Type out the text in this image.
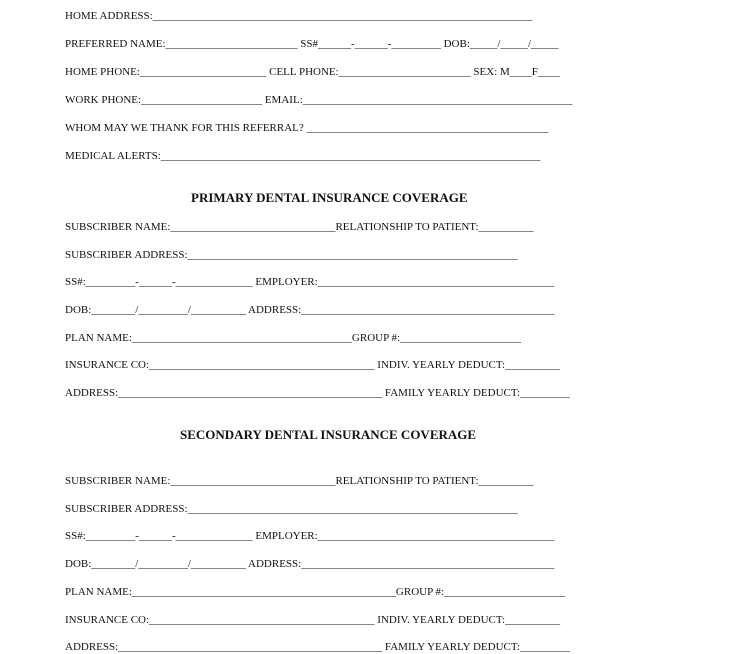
HOME ADDRESS:_____________________________________________________________________
PREFERRED NAME:________________________ SS#______-______-_________ DOB:_____/_____/_____
HOME PHONE:_______________________ CELL PHONE:________________________ SEX: M____F____
WORK PHONE:______________________ EMAIL:_________________________________________________
WHOM MAY WE THANK FOR THIS REFERRAL? ____________________________________________
MEDICAL ALERTS:_____________________________________________________________________
PRIMARY DENTAL INSURANCE COVERAGE
SUBSCRIBER NAME:______________________________RELATIONSHIP TO PATIENT:__________
SUBSCRIBER ADDRESS:____________________________________________________________
SS#:_________-______-______________ EMPLOYER:___________________________________________
DOB:________/_________/__________ ADDRESS:______________________________________________
PLAN NAME:________________________________________GROUP #:______________________
INSURANCE CO:_________________________________________ INDIV. YEARLY DEDUCT:__________
ADDRESS:________________________________________________ FAMILY YEARLY DEDUCT:_________
SECONDARY DENTAL INSURANCE COVERAGE
SUBSCRIBER NAME:______________________________RELATIONSHIP TO PATIENT:__________
SUBSCRIBER ADDRESS:____________________________________________________________
SS#:_________-______-______________ EMPLOYER:___________________________________________
DOB:________/_________/__________ ADDRESS:______________________________________________
PLAN NAME:________________________________________________GROUP #:______________________
INSURANCE CO:_________________________________________ INDIV. YEARLY DEDUCT:__________
ADDRESS:________________________________________________ FAMILY YEARLY DEDUCT:_________
